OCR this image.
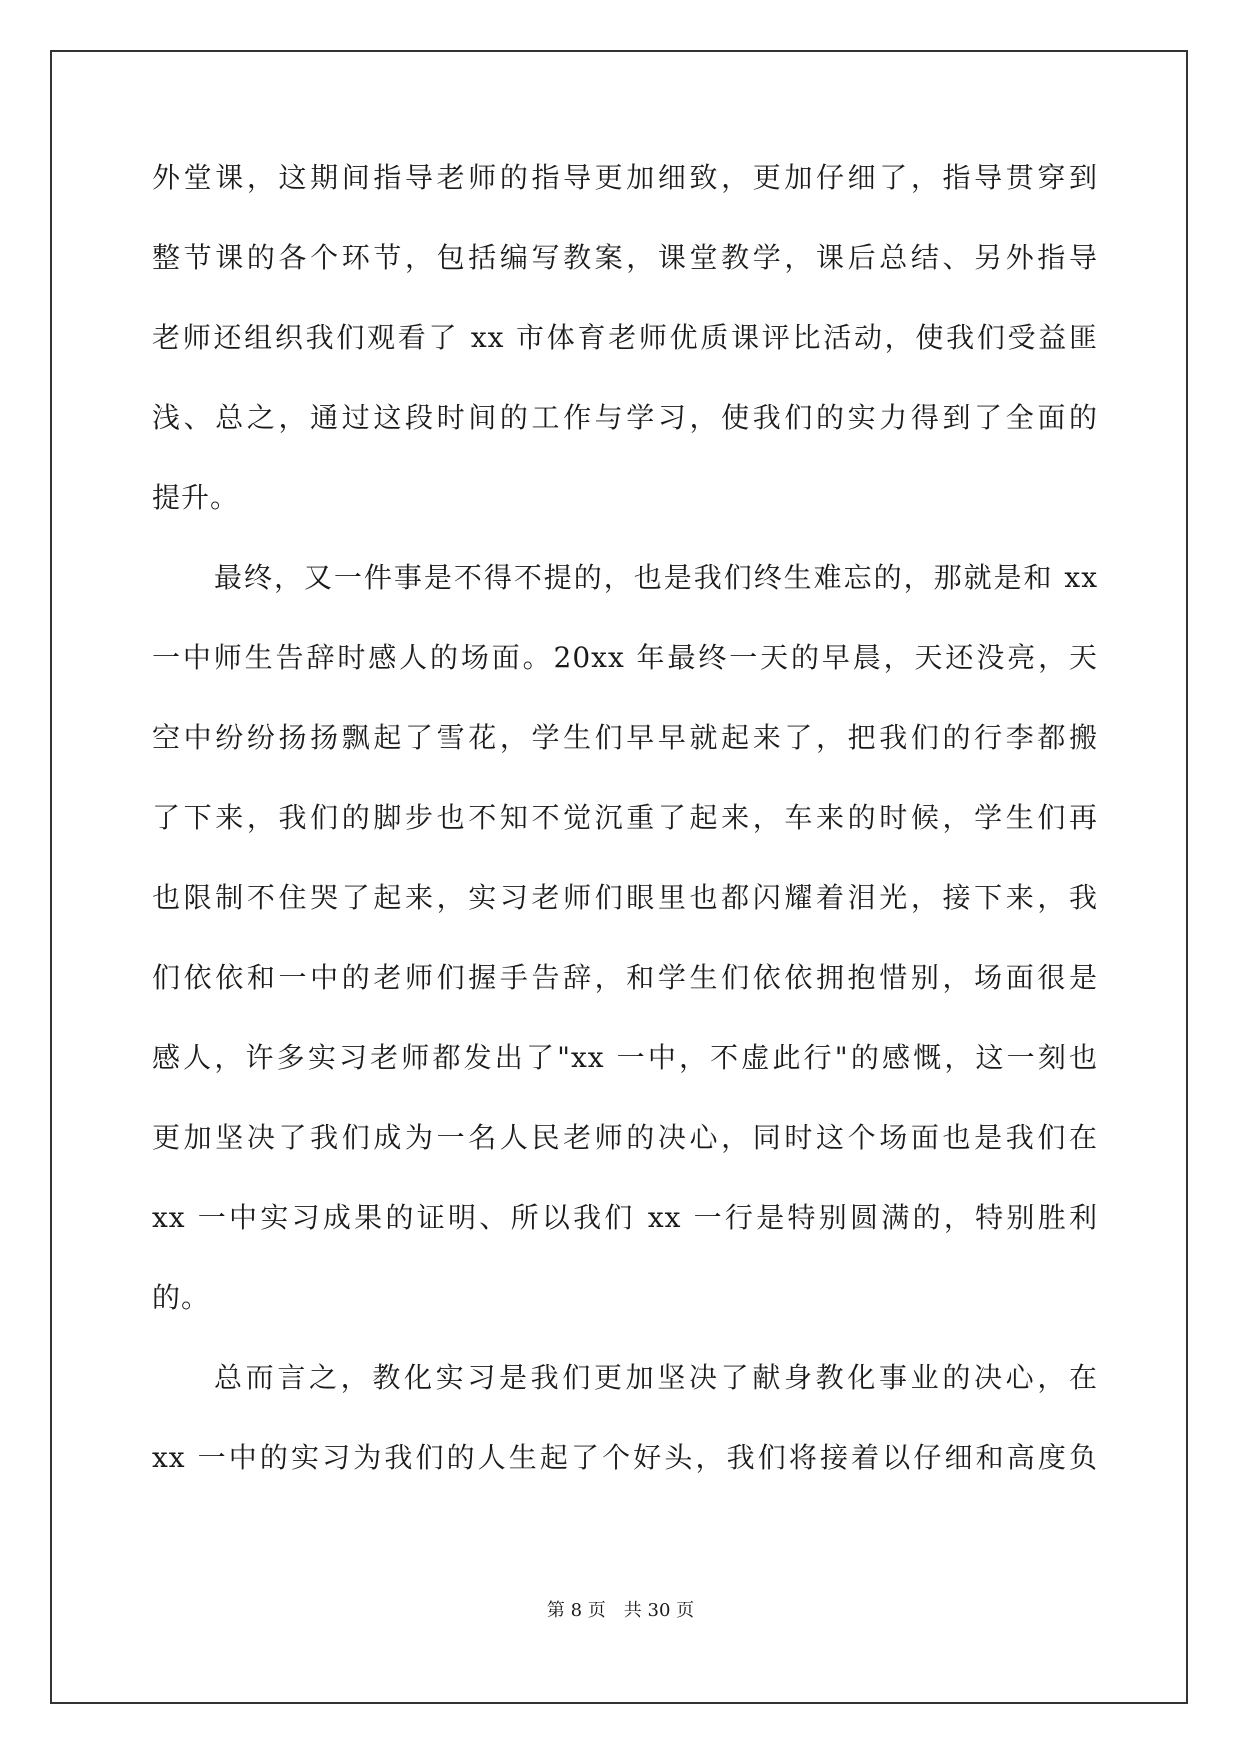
外堂课，这期间指导老师的指导更加细致，更加仔细了，指导贯穿到
整节课的各个环节，包括编写教案，课堂教学，课后总结、另外指导
老师还组织我们观看了 xx 市体育老师优质课评比活动，使我们受益匪
浅、总之，通过这段时间的工作与学习，使我们的实力得到了全面的
提升。
最终，又一件事是不得不提的，也是我们终生难忘的，那就是和 xx
一中师生告辞时感人的场面。20xx 年最终一天的早晨，天还没亮，天
空中纷纷扬扬飘起了雪花，学生们早早就起来了，把我们的行李都搬
了下来，我们的脚步也不知不觉沉重了起来，车来的时候，学生们再
也限制不住哭了起来，实习老师们眼里也都闪耀着泪光，接下来，我
们依依和一中的老师们握手告辞，和学生们依依拥抱惜别，场面很是
感人，许多实习老师都发出了"xx 一中，不虚此行"的感慨，这一刻也
更加坚决了我们成为一名人民老师的决心，同时这个场面也是我们在
xx 一中实习成果的证明、所以我们 xx 一行是特别圆满的，特别胜利
的。
总而言之，教化实习是我们更加坚决了献身教化事业的决心，在
xx 一中的实习为我们的人生起了个好头，我们将接着以仔细和高度负
第 8 页　共 30 页
